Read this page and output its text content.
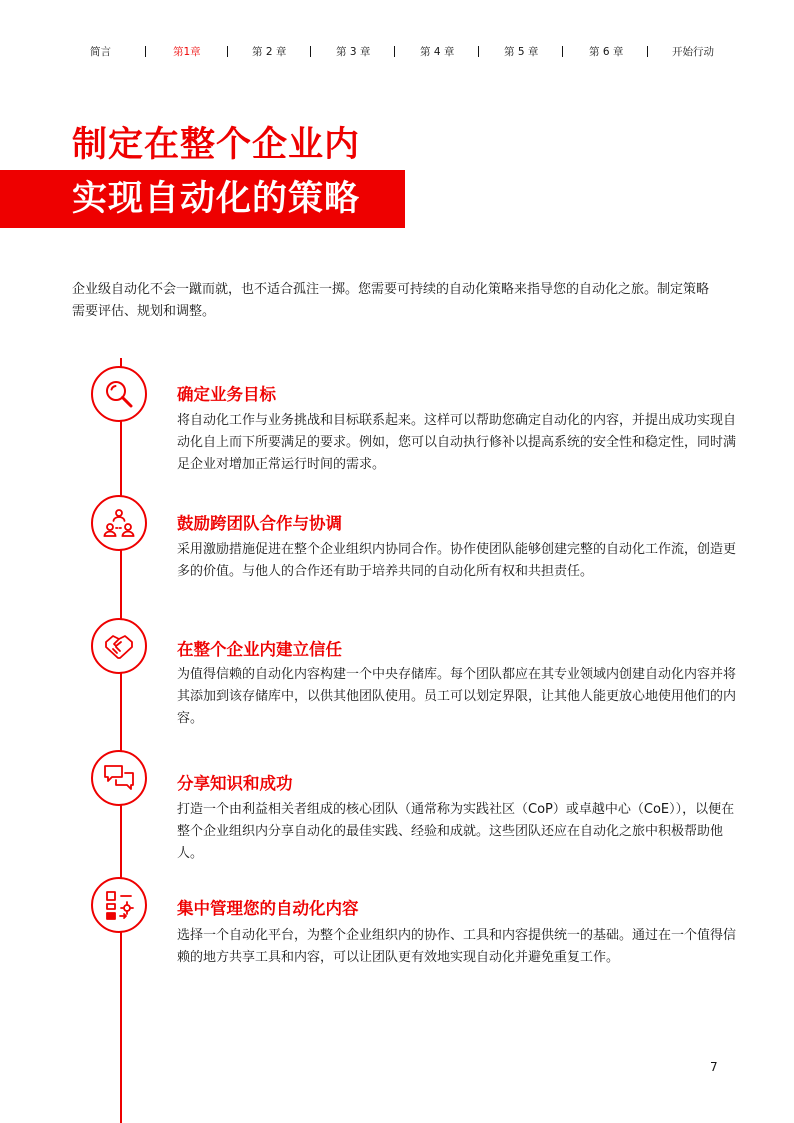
简言	第1章	第 2 章	第 3 章	第 4 章	第 5 章	第 6 章	开始行动
制定在整个企业内
实现自动化的策略
企业级自动化不会一蹴而就，也不适合孤注一掷。您需要可持续的自动化策略来指导您的自动化之旅。制定策略需要评估、规划和调整。
确定业务目标
将自动化工作与业务挑战和目标联系起来。这样可以帮助您确定自动化的内容，并提出成功实现自动化自上而下所要满足的要求。例如，您可以自动执行修补以提高系统的安全性和稳定性，同时满足企业对增加正常运行时间的需求。
鼓励跨团队合作与协调
采用激励措施促进在整个企业组织内协同合作。协作使团队能够创建完整的自动化工作流，创造更多的价值。与他人的合作还有助于培养共同的自动化所有权和共担责任。
在整个企业内建立信任
为值得信赖的自动化内容构建一个中央存储库。每个团队都应在其专业领域内创建自动化内容并将其添加到该存储库中，以供其他团队使用。员工可以划定界限，让其他人能更放心地使用他们的内容。
分享知识和成功
打造一个由利益相关者组成的核心团队（通常称为实践社区（CoP）或卓越中心（CoE）），以便在整个企业组织内分享自动化的最佳实践、经验和成就。这些团队还应在自动化之旅中积极帮助他人。
集中管理您的自动化内容
选择一个自动化平台，为整个企业组织内的协作、工具和内容提供统一的基础。通过在一个值得信赖的地方共享工具和内容，可以让团队更有效地实现自动化并避免重复工作。
7
